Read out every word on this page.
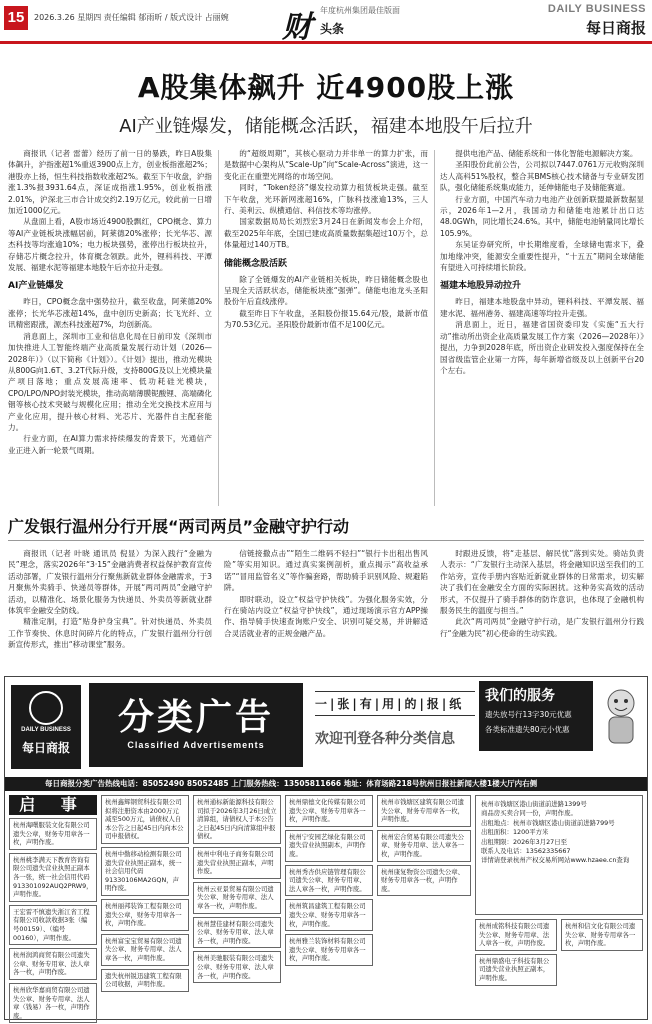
15	2026.3.26 星期四 责任编辑 郁雨昕 / 版式设计 占丽婉 财 年度杭州集团最佳版面
头条
DAILY BUSINESS
每日商报
A股集体飙升 近4900股上涨
AI产业链爆发，储能概念活跃，福建本地股午后拉升

商报讯（记者 雷蕾）经历了前一日的暴跌，昨日A股集体飙升，沪指涨超1%重返3900点上方，创业板指涨超2%；港股亦上扬，恒生科技指数收涨超2%。截至下午收盘，沪指涨1.3%报3931.64点，深证成指涨1.95%，创业板指涨2.01%，沪深北三市合计成交约2.19万亿元，较此前一日增加近1000亿元。

从盘面上看，A股市场近4900股飘红，CPO概念、算力等AI产业链板块涨幅居前，阿莱德20%涨停；长光华芯、源杰科技等均涨逾10%；电力板块强势，涨停出行板块拉升，存储芯片概念拉升，体育概念领跌。此外，锂科科技、平潭发展、福建水泥等福建本地股午后亦拉升走强。

AI产业链爆发

昨日，CPO概念盘中强势拉升，截至收盘，阿莱德20%涨停；长光华芯涨超14%，盘中创历史新高；长飞光纤、立讯精密跟涨，源杰科技涨超7%，均创新高。

消息面上，深圳市工业和信息化局在日前印发《深圳市加快推进人工智能终端产业高质量发展行动计划（2026—2028年）》（以下简称《计划》）。《计划》提出，推动光模块从800G向1.6T、3.2T代际升级，支持800G及以上光模块量产项目落地；重点发展高速率、低功耗硅光模块，CPO/LPO/NPO封装光模块，推动高端薄膜铌酸锂、高端磷化铟等核心技术突破与规模化应用；推动全光交换技术应用与产业化应用，提升核心材料、光芯片、光器件自主配套能力。

行业方面，在AI算力需求持续爆发的背景下，光通信产业正进入新一轮景气周期。

的“超级周期”，其核心驱动力并非单一的算力扩张，而是数据中心架构从“Scale-Up”向“Scale-Across”演进，这一变化正在重塑光网络的市场空间。

同时，“Token经济”爆发拉动算力租赁板块走强。截至下午收盘，光环新网涨超16%，广脉科技涨逾13%，三人行、美利云、纵横通信、科信技术等均涨停。

国家数据局局长刘烈宏3月24日在新闻发布会上介绍，截至2025年年底，全国已建成高质量数据集超过10万个，总体量超过140万TB。

储能概念股活跃

除了全链爆发的AI产业链相关板块，昨日储能概念股也呈现全天活跃状态，储能板块涨“强弹”。储能电池龙头圣阳股份午后直线涨停。

截至昨日下午收盘，圣阳股份报15.64元/股，最新市值为70.53亿元。圣阳股份最新市值不足100亿元。

提供电池产品、储能系统和一体化智能电源解决方案。

圣阳股份此前公告，公司拟以7447.0761万元收购深圳达人高科51%股权，整合其BMS核心技术储备与专业研发团队，强化储能系统集成能力，延伸储能电子及储能赛道。

行业方面，中国汽车动力电池产业创新联盟最新数据显示，2026年1—2月，我国动力和储能电池累计出口达48.0GWh，同比增长24.6%。其中，储能电池销量同比增长105.9%。

东吴证券研究所，中长期维度看，全球储电需求下，叠加地缘冲突，能源安全重要性提升，“十五五”期间全球储能有望进入可持续增长阶段。

福建本地股异动拉升

昨日，福建本地股盘中异动，锂科科技、平潭发展、福建水泥、福州港务、福建高速等均拉升走强。

消息面上，近日，福建省国资委印发《实施“五大行动”推动所出资企业高质量发展工作方案（2026—2028年）》提出，力争到2028年底，所出资企业研发投入强度保持在全国省级监管企业第一方阵，每年新增省级及以上创新平台20个左右。

广发银行温州分行开展“两司两员”金融守护行动

商报讯（记者 叶晓 通讯员 倪显）为深入践行“金融为民”理念，落实2026年“3·15”金融消费者权益保护教育宣传活动部署，广发银行温州分行聚焦新就业群体金融需求，于3月聚焦外卖骑手、快递员等群体，开展“两司两员”金融守护活动，以精准化、场景化服务为快递员、外卖员等新就业群体筑牢金融安全防线。

精准定制，打造“贴身护身宝典”。针对快递员、外卖员工作节奏快、休息时间碎片化的特点，广发银行温州分行创新宣传形式，推出“移动课堂”服务。

信链接撒点击”“陌生二维码不轻扫”“银行卡出租出售风险”等实用知识。通过真实案例剖析，重点揭示“高收益承诺”“冒用监管名义”等作骗套路，帮助骑手识别风险、规避陷阱。

即时联动，设立“权益守护快线”。为强化服务实效，分行在骑站内设立“权益守护快线”，通过现场演示官方APP操作、指导骑手快速查询账户安全、识别可疑交易，并讲解适合灵活就业者的正规金融产品。

时跟进反馈，将“走基层、解民忧”落到实处。骑站负责人表示：“广发银行主动深入基层，将金融知识送至我们的工作站旁，宣传手册内容贴近新就业群体的日常需求，切实解决了我们在金融安全方面的实际困扰。这种务实高效的活动形式，不仅提升了骑手群体的防诈意识，也体现了金融机构服务民生的温度与担当。”

此次“两司两员”金融守护行动，是广发银行温州分行践行“金融为民”初心使命的生动实践。

DAILY BUSINESS
每日商报
分类广告
Classified Advertisements
一|张|有|用|的|报|纸
欢迎刊登各种分类信息
我们的服务
遗失放号行13字30元优惠
各类标准遗失80元小优惠
每日商报分类广告热线电话：85052490 85052485 上门服务热线：13505811666 地址：体育场路218号杭州日报社新闻大楼1楼大厅内右侧
启 事
杭州海曙服装文化有限公司遗失公章，财务专用章各一枚，声明作废。
杭州桃李满天下教育咨询有限公司遗失营业执照正副本各一张，统一社会信用代码913301092AUQ2PRW9，声明作废。
王宏雷不慎遗失浙江省工程有限公司收款收据3张（编号00159）、（编号00160），声明作废。
杭州润鸿商贸有限公司遗失公章、财务专用章、法人章各一枚，声明作废。
杭州欣华嘉商贸有限公司遗失公章、财务专用章、法人章（钱易）各一枚，声明作废。
杭州鑫辉钢贸科技有限公司拟将注册资本由2000万元减至500万元，请债权人自本公告之日起45日内向本公司申报债权。
杭州中勤移动检测有限公司遗失营业执照正副本，统一社会信用代码91330106MA2GQN，声明作废。
杭州丽邦装饰工程有限公司遗失公章，财务专用章各一枚，声明作废。
杭州富宝宝贸易有限公司遗失公章、财务专用章、法人章各一枚，声明作废。
遗失杭州锐迅建筑工程有限公司收据，声明作废。
杭州通标新能源科技有限公司拟于2026年3月26日成立清算组，请债权人于本公告之日起45日内向清算组申报债权。
杭州中利电子商务有限公司遗失营业执照正副本，声明作废。
杭州云亚景贸易有限公司遗失公章、财务专用章、法人章各一枚，声明作废。
杭州慧佳建材有限公司遗失公章、财务专用章、法人章各一枚，声明作废。
杭州美驰服装有限公司遗失公章、财务专用章、法人章各一枚，声明作废。
杭州鼎德文化传媒有限公司遗失公章、财务专用章各一枚，声明作废。
杭州宁安园艺绿化有限公司遗失营业执照副本，声明作废。
杭州秀杏供应链管理有限公司遗失公章、财务专用章、法人章各一枚，声明作废。
杭州筑昌建筑工程有限公司遗失公章、财务专用章各一枚，声明作废。
杭州雅兰装饰材料有限公司遗失公章、财务专用章各一枚，声明作废。
杭州市钱塘区建筑有限公司遗失公章、财务专用章各一枚，声明作废。
杭州宏合贸易有限公司遗失公章、财务专用章、法人章各一枚，声明作废。
杭州康复物资公司遗失公章、财务专用章各一枚，声明作废。
杭州市钱塘区港山街道前进路1399号
商品房买卖合同一份，声明作废。
出租地点：杭州市钱塘区港山街道前进路799号
出租面积：1200平方米
出租期限：2026年3月27日至
联系人及电话：13562335667
详情请登录杭州产权交易所网站www.hzaee.cn查询
杭州成铭科技有限公司遗失公章、财务专用章、法人章各一枚，声明作废。
杭州鼎盛电子科技有限公司遗失营业执照正副本，声明作废。
杭州和信文化有限公司遗失公章、财务专用章各一枚，声明作废。
